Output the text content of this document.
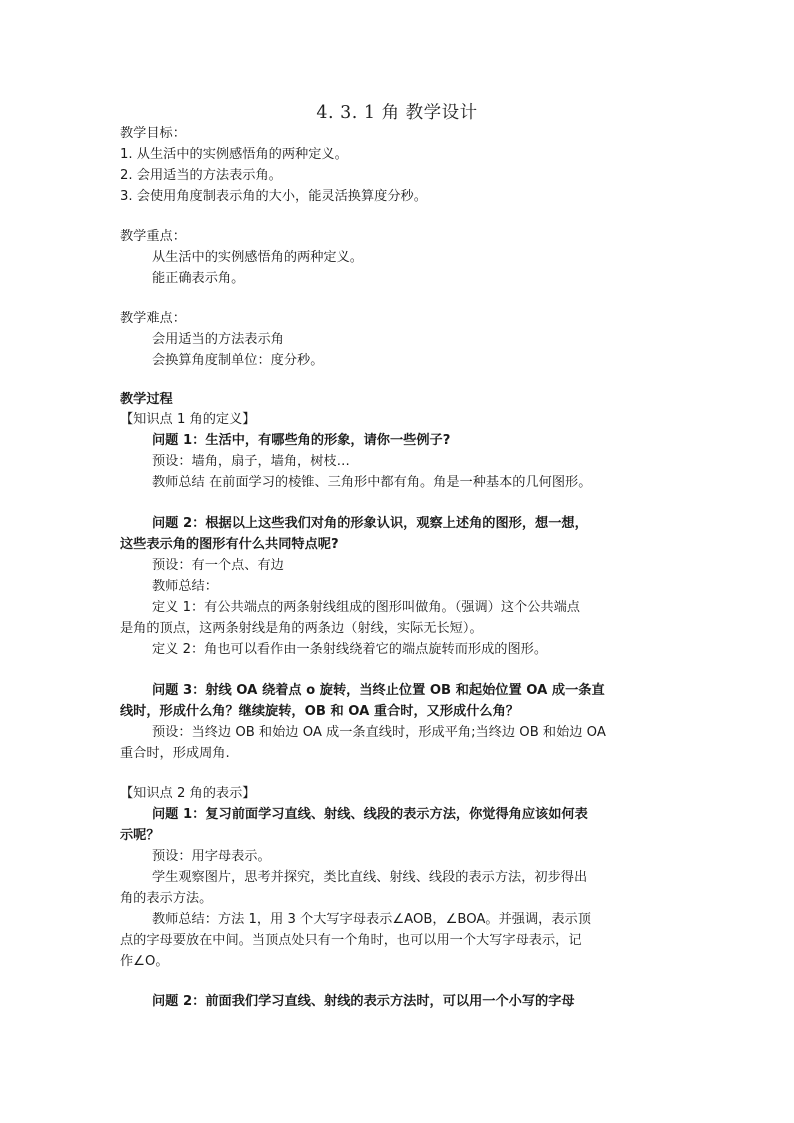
4. 3. 1 角 教学设计

教学目标：

1. 从生活中的实例感悟角的两种定义。

2. 会用适当的方法表示角。

3. 会使用角度制表示角的大小，能灵活换算度分秒。

教学重点：

从生活中的实例感悟角的两种定义。

能正确表示角。

教学难点：

会用适当的方法表示角

会换算角度制单位：度分秒。

教学过程

【知识点 1 角的定义】

问题 1：生活中，有哪些角的形象，请你一些例子?

预设：墙角，扇子，墙角，树枝…

教师总结 在前面学习的棱锥、三角形中都有角。角是一种基本的几何图形。

问题 2：根据以上这些我们对角的形象认识，观察上述角的图形，想一想，

这些表示角的图形有什么共同特点呢?

预设：有一个点、有边

教师总结：

定义 1：有公共端点的两条射线组成的图形叫做角。（强调）这个公共端点

是角的顶点，这两条射线是角的两条边（射线，实际无长短）。

定义 2：角也可以看作由一条射线绕着它的端点旋转而形成的图形。

问题 3：射线 OA 绕着点 o 旋转，当终止位置 OB 和起始位置 OA 成一条直

线时，形成什么角？继续旋转，OB 和 OA 重合时，又形成什么角？

预设：当终边 OB 和始边 OA 成一条直线时，形成平角;当终边 OB 和始边 OA

重合时，形成周角.

【知识点 2 角的表示】

问题 1：复习前面学习直线、射线、线段的表示方法，你觉得角应该如何表

示呢？

预设：用字母表示。

学生观察图片，思考并探究，类比直线、射线、线段的表示方法，初步得出

角的表示方法。

教师总结：方法 1，用 3 个大写字母表示∠AOB，∠BOA。并强调，表示顶

点的字母要放在中间。当顶点处只有一个角时，也可以用一个大写字母表示，记

作∠O。

问题 2：前面我们学习直线、射线的表示方法时，可以用一个小写的字母
